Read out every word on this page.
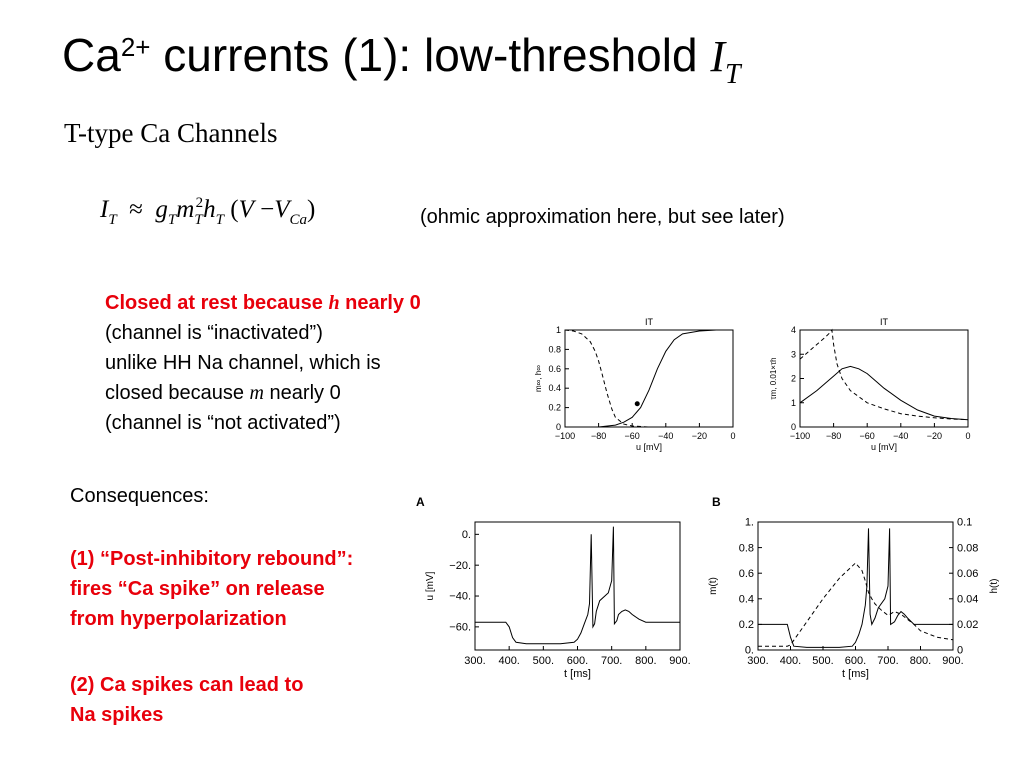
$Ca^{2+}$ currents (1): low-threshold $I_T$
T-type Ca Channels
$I_T \approx g_Tm_T^2h_T$ $(V -V_{Ca})$	(ohmic approximation here, but see later)
Closed at rest because h nearly 0
(channel is “inactivated”)
unlike HH Na channel, which is
closed because m nearly 0
(channel is “not activated”)
Consequences:
(1) “Post-inhibitory rebound”:
fires “Ca spike” on release
from hyperpolarization
(2) Ca spikes can lead to
Na spikes
IT
−100 −80 −60 −40 −20	0
u [mV]
0
0.2
0.4
0.6
0.8
1
m∞, h∞
IT
−100 −80 −60 −40 −20	0
u [mV]
0
1
2
3
4
τm, 0.01×τh
A
300. 400. 500. 600. 700. 800. 900.
t [ms]
0.
−20.
−40.
−60.
u [mV]
B
300. 400. 500. 600. 700. 800. 900.
t [ms]
0.
0.2
0.4
0.6
0.8
1.
m(t)
0
0.02
0.04
0.06
0.08
0.1
h(t)
